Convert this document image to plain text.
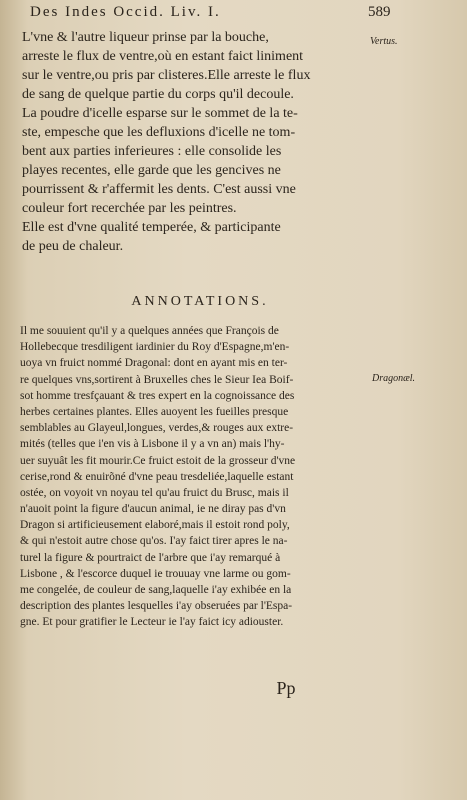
Des Indes Occid. Liv. I.	589
L'vne & l'autre liqueur prinse par la bouche,
arreste le flux de ventre,où en estant faict liniment
sur le ventre,ou pris par clisteres.Elle arreste le flux
de sang de quelque partie du corps qu'il decoule.
La poudre d'icelle esparse sur le sommet de la te-
ste, empesche que les defluxions d'icelle ne tom-
bent aux parties inferieures : elle consolide les
playes recentes, elle garde que les gencives ne
pourrissent & r'affermit les dents. C'est aussi vne
couleur fort recerchée par les peintres.
Elle est d'vne qualité temperée, & participante
de peu de chaleur.
Vertus.
Dragonæl.
ANNOTATIONS.
Il me souuient qu'il y a quelques années que François de
Hollebecque tresdiligent iardinier du Roy d'Espagne,m'en-
uoya vn fruict nommé Dragonal: dont en ayant mis en ter-
re quelques vns,sortirent à Bruxelles ches le Sieur Iea Boif-
sot homme tresfçauant & tres expert en la cognoissance des
herbes certaines plantes. Elles auoyent les fueilles presque
semblables au Glayeul,longues, verdes,& rouges aux extre-
mités (telles que i'en vis à Lisbone il y a vn an) mais l'hy-
uer suyuât les fit mourir.Ce fruict estoit de la grosseur d'vne
cerise,rond & enuirõné d'vne peau tresdeliée,laquelle estant
ostée, on voyoit vn noyau tel qu'au fruict du Brusc, mais il
n'auoit point la figure d'aucun animal, ie ne diray pas d'vn
Dragon si artificieusement elaboré,mais il estoit rond poly,
& qui n'estoit autre chose qu'os. I'ay faict tirer apres le na-
turel la figure & pourtraict de l'arbre que i'ay remarqué à
Lisbone , & l'escorce duquel ie trouuay vne larme ou gom-
me congelée, de couleur de sang,laquelle i'ay exhibée en la
description des plantes lesquelles i'ay obseruées par l'Espa-
gne. Et pour gratifier le Lecteur ie l'ay faict icy adiouster.
Pp
